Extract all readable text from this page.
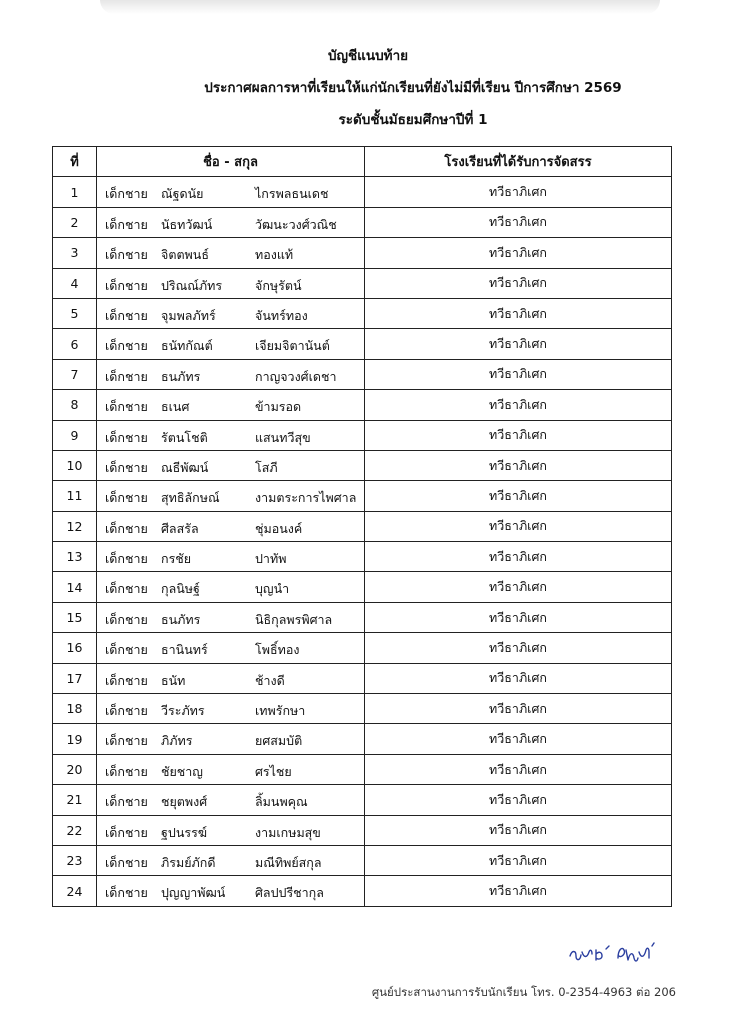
บัญชีแนบท้าย
ประกาศผลการหาที่เรียนให้แก่นักเรียนที่ยังไม่มีที่เรียน ปีการศึกษา 2569
ระดับชั้นมัธยมศึกษาปีที่ 1
ที่	ชื่อ - สกุล	โรงเรียนที่ได้รับการจัดสรร
1	เด็กชาย ณัฐดนัย ไกรพลธนเดช	ทวีธาภิเศก
2	เด็กชาย นัธทวัฒน์ วัฒนะวงศ์วณิช	ทวีธาภิเศก
3	เด็กชาย จิตตพนธ์ ทองแท้	ทวีธาภิเศก
4	เด็กชาย ปริณณ์ภัทร จักษุรัตน์	ทวีธาภิเศก
5	เด็กชาย จุมพลภัทร์ จันทร์ทอง	ทวีธาภิเศก
6	เด็กชาย ธนัทกัณต์ เจียมจิตานันต์	ทวีธาภิเศก
7	เด็กชาย ธนภัทร กาญจวงศ์เดชา	ทวีธาภิเศก
8	เด็กชาย ธเนศ ข้ามรอด	ทวีธาภิเศก
9	เด็กชาย รัตนโชติ แสนทวีสุข	ทวีธาภิเศก
10	เด็กชาย ณธีพัฒน์ โสภี	ทวีธาภิเศก
11	เด็กชาย สุทธิลักษณ์ งามตระการไพศาล	ทวีธาภิเศก
12	เด็กชาย ศีลสรัล ชุ่มอนงค์	ทวีธาภิเศก
13	เด็กชาย กรชัย ปาทัพ	ทวีธาภิเศก
14	เด็กชาย กุลนิษฐ์ บุญนำ	ทวีธาภิเศก
15	เด็กชาย ธนภัทร นิธิกุลพรพิศาล	ทวีธาภิเศก
16	เด็กชาย ธานินทร์ โพธิ์ทอง	ทวีธาภิเศก
17	เด็กชาย ธนัท ช้างดี	ทวีธาภิเศก
18	เด็กชาย วีระภัทร เทพรักษา	ทวีธาภิเศก
19	เด็กชาย ภิภัทร ยศสมบัติ	ทวีธาภิเศก
20	เด็กชาย ชัยชาญ ศรไชย	ทวีธาภิเศก
21	เด็กชาย ชยุตพงศ์ ลิ้มนพคุณ	ทวีธาภิเศก
22	เด็กชาย ฐปนรรฆ์ งามเกษมสุข	ทวีธาภิเศก
23	เด็กชาย ภิรมย์ภักดี มณีทิพย์สกุล	ทวีธาภิเศก
24	เด็กชาย ปุญญาพัฒน์ ศิลปปรีชากุล	ทวีธาภิเศก
ศูนย์ประสานงานการรับนักเรียน โทร. 0-2354-4963 ต่อ 206
